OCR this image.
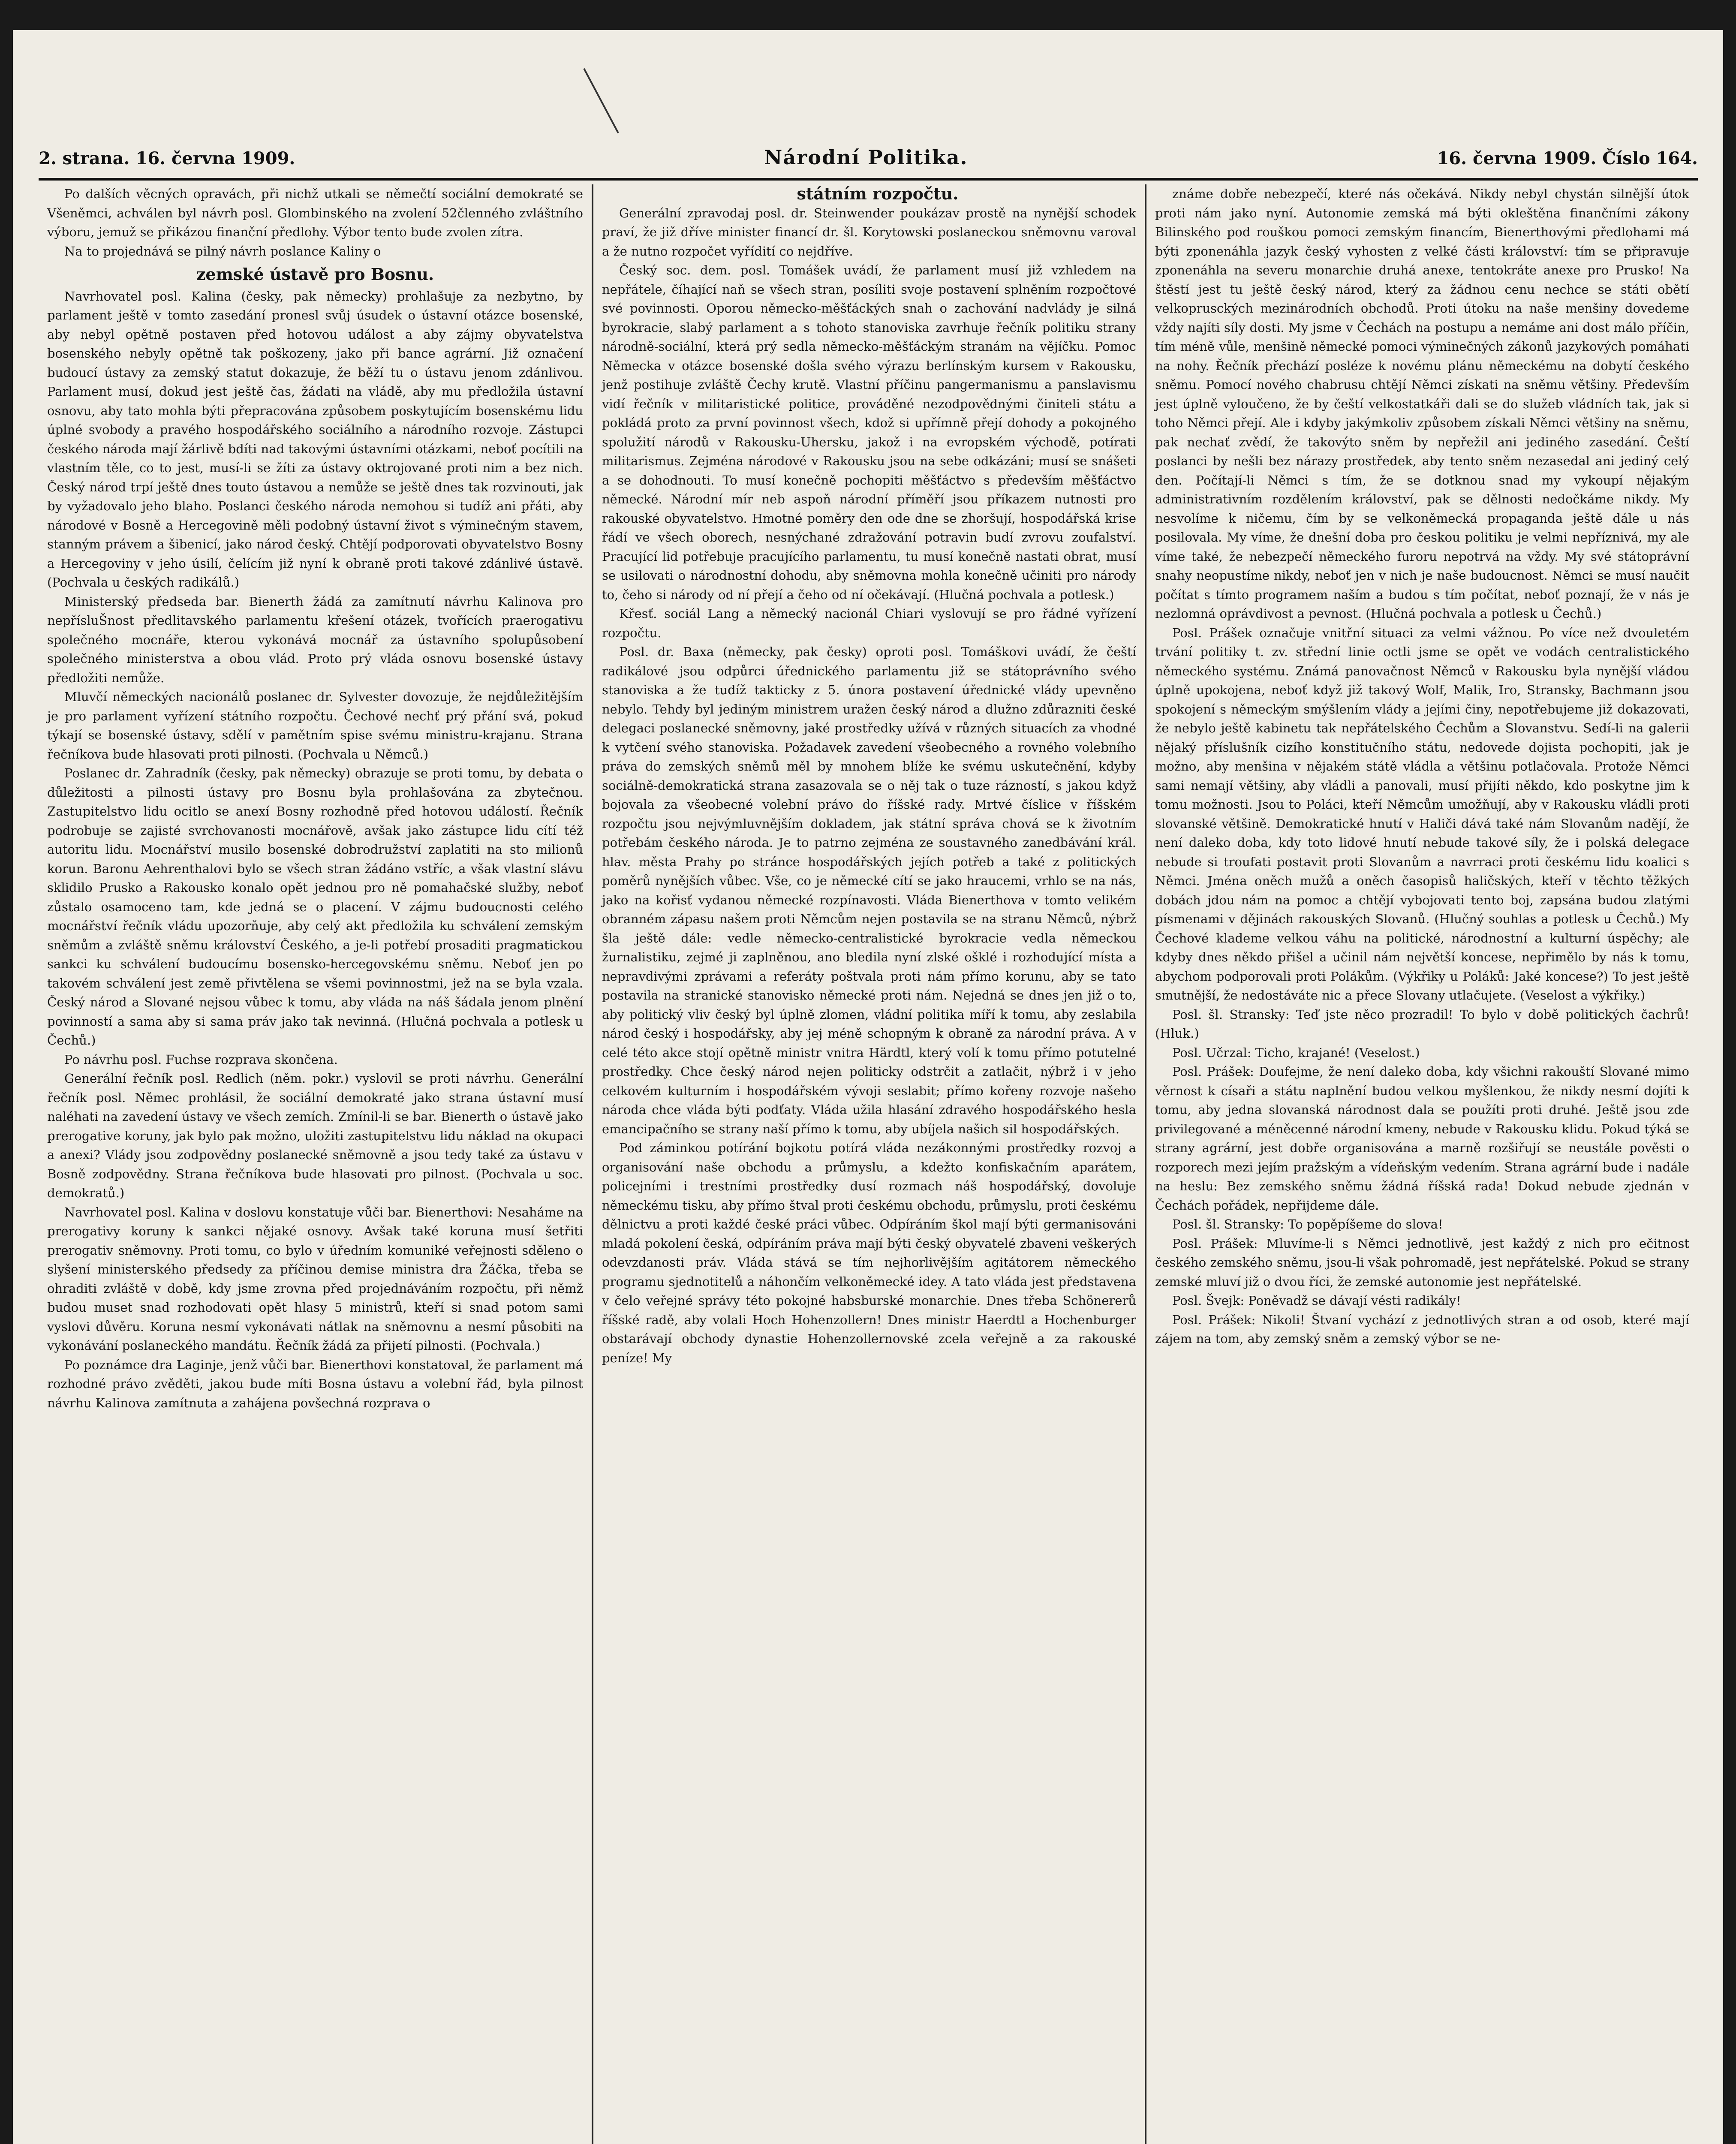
2. strana. 16. června 1909.	Národní Politika.	16. června 1909. Číslo 164.

Po dalších věcných opravách, při nichž utkali se němečtí sociální demokraté se Všeněmci, achválen byl návrh posl. Glombinského na zvolení 52členného zvláštního výboru, jemuž se přikázou finanční předlohy. Výbor tento bude zvolen zítra.

Na to projednává se pilný návrh poslance Kaliny o

zemské ústavě pro Bosnu.

Navrhovatel posl. Kalina (česky, pak německy) prohlašuje za nezbytno, by parlament ještě v tomto zasedání pronesl svůj úsudek o ústavní otázce bosenské, aby nebyl opětně postaven před hotovou událost a aby zájmy obyvatelstva bosenského nebyly opětně tak poškozeny, jako při bance agrární. Již označení budoucí ústavy za zemský statut dokazuje, že běží tu o ústavu jenom zdánlivou. Parlament musí, dokud jest ještě čas, žádati na vládě, aby mu předložila ústavní osnovu, aby tato mohla býti přepracována způsobem poskytujícím bosenskému lidu úplné svobody a pravého hospodářského sociálního a národního rozvoje. Zástupci českého národa mají žárlivě bdíti nad takovými ústavními otázkami, neboť pocítili na vlastním těle, co to jest, musí-li se žíti za ústavy oktrojované proti nim a bez nich. Český národ trpí ještě dnes touto ústavou a nemůže se ještě dnes tak rozvinouti, jak by vyžadovalo jeho blaho. Poslanci českého národa nemohou si tudíž ani přáti, aby národové v Bosně a Hercegovině měli podobný ústavní život s výminečným stavem, stanným právem a šibenicí, jako národ český. Chtějí podporovati obyvatelstvo Bosny a Hercegoviny v jeho úsilí, čelícím již nyní k obraně proti takové zdánlivé ústavě. (Pochvala u českých radikálů.)

Ministerský předseda bar. Bienerth žádá za zamítnutí návrhu Kalinova pro nepřísluŠnost předlitavského parlamentu křešení otázek, tvořících praerogativu společného mocnáře, kterou vykonává mocnář za ústavního spolupůsobení společného ministerstva a obou vlád. Proto prý vláda osnovu bosenské ústavy předložiti nemůže.

Mluvčí německých nacionálů poslanec dr. Sylvester dovozuje, že nejdůležitějším je pro parlament vyřízení státního rozpočtu. Čechové nechť prý přání svá, pokud týkají se bosenské ústavy, sdělí v pamětním spise svému ministru-krajanu. Strana řečníkova bude hlasovati proti pilnosti. (Pochvala u Němců.)

Poslanec dr. Zahradník (česky, pak německy) obrazuje se proti tomu, by debata o důležitosti a pilnosti ústavy pro Bosnu byla prohlašována za zbytečnou. Zastupitelstvo lidu ocitlo se anexí Bosny rozhodně před hotovou událostí. Řečník podrobuje se zajisté svrchovanosti mocnářově, avšak jako zástupce lidu cítí též autoritu lidu. Mocnářství musilo bosenské dobrodružství zaplatiti na sto milionů korun. Baronu Aehrenthalovi bylo se všech stran žádáno vstříc, a však vlastní slávu sklidilo Prusko a Rakousko konalo opět jednou pro ně pomahačské služby, neboť zůstalo osamoceno tam, kde jedná se o placení. V zájmu budoucnosti celého mocnářství řečník vládu upozorňuje, aby celý akt předložila ku schválení zemským sněmům a zvláště sněmu království Českého, a je-li potřebí prosaditi pragmatickou sankci ku schválení budoucímu bosensko-hercegovskému sněmu. Neboť jen po takovém schválení jest země přivtělena se všemi povinnostmi, jež na se byla vzala. Český národ a Slované nejsou vůbec k tomu, aby vláda na náš šádala jenom plnění povinností a sama aby si sama práv jako tak nevinná. (Hlučná pochvala a potlesk u Čechů.)

Po návrhu posl. Fuchse rozprava skončena.

Generální řečník posl. Redlich (něm. pokr.) vyslovil se proti návrhu. Generální řečník posl. Němec prohlásil, že sociální demokraté jako strana ústavní musí naléhati na zavedení ústavy ve všech zemích. Zmínil-li se bar. Bienerth o ústavě jako prerogative koruny, jak bylo pak možno, uložiti zastupitelstvu lidu náklad na okupaci a anexi? Vlády jsou zodpovědny poslanecké sněmovně a jsou tedy také za ústavu v Bosně zodpovědny. Strana řečníkova bude hlasovati pro pilnost. (Pochvala u soc. demokratů.)

Navrhovatel posl. Kalina v doslovu konstatuje vůči bar. Bienerthovi: Nesaháme na prerogativy koruny k sankci nějaké osnovy. Avšak také koruna musí šetřiti prerogativ sněmovny. Proti tomu, co bylo v úředním komuniké veřejnosti sděleno o slyšení ministerského předsedy za příčinou demise ministra dra Žáčka, třeba se ohraditi zvláště v době, kdy jsme zrovna před projednáváním rozpočtu, při němž budou muset snad rozhodovati opět hlasy 5 ministrů, kteří si snad potom sami vyslovi důvěru. Koruna nesmí vykonávati nátlak na sněmovnu a nesmí působiti na vykonávání poslaneckého mandátu. Řečník žádá za přijetí pilnosti. (Pochvala.)

Po poznámce dra Laginje, jenž vůči bar. Bienerthovi konstatoval, že parlament má rozhodné právo zvěděti, jakou bude míti Bosna ústavu a volební řád, byla pilnost návrhu Kalinova zamítnuta a zahájena povšechná rozprava o

státním rozpočtu.

Generální zpravodaj posl. dr. Steinwender poukázav prostě na nynější schodek praví, že již dříve minister financí dr. šl. Korytowski poslaneckou sněmovnu varoval a že nutno rozpočet vyřídití co nejdříve.

Český soc. dem. posl. Tomášek uvádí, že parlament musí již vzhledem na nepřátele, číhající naň se všech stran, posíliti svoje postavení splněním rozpočtové své povinnosti. Oporou německo-měšťáckých snah o zachování nadvlády je silná byrokracie, slabý parlament a s tohoto stanoviska zavrhuje řečník politiku strany národně-sociální, která prý sedla německo-měšťáckým stranám na vějíčku. Pomoc Německa v otázce bosenské došla svého výrazu berlínským kursem v Rakousku, jenž postihuje zvláště Čechy krutě. Vlastní příčinu pangermanismu a panslavismu vidí řečník v militaristické politice, prováděné nezodpovědnými činiteli státu a pokládá proto za první povinnost všech, kdož si upřímně přejí dohody a pokojného spolužití národů v Rakousku-Uhersku, jakož i na evropském východě, potírati militarismus. Zejména národové v Rakousku jsou na sebe odkázáni; musí se snášeti a se dohodnouti. To musí konečně pochopiti měšťáctvo s především měšťáctvo německé. Národní mír neb aspoň národní příměří jsou příkazem nutnosti pro rakouské obyvatelstvo. Hmotné poměry den ode dne se zhoršují, hospodářská krise řádí ve všech oborech, nesnýchané zdražování potravin budí zvrovu zoufalství. Pracující lid potřebuje pracujícího parlamentu, tu musí konečně nastati obrat, musí se usilovati o národnostní dohodu, aby sněmovna mohla konečně učiniti pro národy to, čeho si národy od ní přejí a čeho od ní očekávají. (Hlučná pochvala a potlesk.)

Křesť. sociál Lang a německý nacionál Chiari vyslovují se pro řádné vyřízení rozpočtu.

Posl. dr. Baxa (německy, pak česky) oproti posl. Tomáškovi uvádí, že čeští radikálové jsou odpůrci úřednického parlamentu již se státoprávního svého stanoviska a že tudíž takticky z 5. února postavení úřednické vlády upevněno nebylo. Tehdy byl jediným ministrem uražen český národ a dlužno zdůrazniti české delegaci poslanecké sněmovny, jaké prostředky užívá v různých situacích za vhodné k vytčení svého stanoviska. Požadavek zavedení všeobecného a rovného volebního práva do zemských sněmů měl by mnohem blíže ke svému uskutečnění, kdyby sociálně-demokratická strana zasazovala se o něj tak o tuze rázností, s jakou když bojovala za všeobecné volební právo do říšské rady. Mrtvé číslice v říšském rozpočtu jsou nejvýmluvnějším dokladem, jak státní správa chová se k životním potřebám českého národa. Je to patrno zejména ze soustavného zanedbávání král. hlav. města Prahy po stránce hospodářských jejích potřeb a také z politických poměrů nynějších vůbec. Vše, co je německé cítí se jako hraucemi, vrhlo se na nás, jako na kořisť vydanou německé rozpínavosti. Vláda Bienerthova v tomto velikém obranném zápasu našem proti Němcům nejen postavila se na stranu Němců, nýbrž šla ještě dále: vedle německo-centralistické byrokracie vedla německou žurnalistiku, zejmé ji zaplněnou, ano bledila nyní zlské ošklé i rozhodující místa a nepravdivými zprávami a referáty poštvala proti nám přímo korunu, aby se tato postavila na stranické stanovisko německé proti nám. Nejedná se dnes jen již o to, aby politický vliv český byl úplně zlomen, vládní politika míří k tomu, aby zeslabila národ český i hospodářsky, aby jej méně schopným k obraně za národní práva. A v celé této akce stojí opětně ministr vnitra Härdtl, který volí k tomu přímo potutelné prostředky. Chce český národ nejen politicky odstrčit a zatlačit, nýbrž i v jeho celkovém kulturním i hospodářském vývoji seslabit; přímo kořeny rozvoje našeho národa chce vláda býti podťaty. Vláda užila hlasání zdravého hospodářského hesla emancipačního se strany naší přímo k tomu, aby ubíjela našich sil hospodářských.

Pod záminkou potírání bojkotu potírá vláda nezákonnými prostředky rozvoj a organisování naše obchodu a průmyslu, a kdežto konfiskačním aparátem, policejními i trestními prostředky dusí rozmach náš hospodářský, dovoluje německému tisku, aby přímo štval proti českému obchodu, průmyslu, proti českému dělnictvu a proti každé české práci vůbec. Odpíráním škol mají býti germanisováni mladá pokolení česká, odpíráním práva mají býti český obyvatelé zbaveni veškerých odevzdanosti práv. Vláda stává se tím nejhorlivějším agitátorem německého programu sjednotitelů a náhončím velkoněmecké idey. A tato vláda jest představena v čelo veřejné správy této pokojné habsburské monarchie. Dnes třeba Schönererů říšské radě, aby volali Hoch Hohenzollern! Dnes ministr Haerdtl a Hochenburger obstarávají obchody dynastie Hohenzollernovské zcela veřejně a za rakouské peníze! My

známe dobře nebezpečí, které nás očekává. Nikdy nebyl chystán silnější útok proti nám jako nyní. Autonomie zemská má býti okleštěna finančními zákony Bilinského pod rouškou pomoci zemským financím, Bienerthovými předlohami má býti zponenáhla jazyk český vyhosten z velké části království: tím se připravuje zponenáhla na severu monarchie druhá anexe, tentokráte anexe pro Prusko! Na štěstí jest tu ještě český národ, který za žádnou cenu nechce se státi obětí velkoprusckých mezinárodních obchodů. Proti útoku na naše menšiny dovedeme vždy najíti síly dosti. My jsme v Čechách na postupu a nemáme ani dost málo příčin, tím méně vůle, menšině německé pomoci výminečných zákonů jazykových pomáhati na nohy. Řečník přechází posléze k novému plánu německému na dobytí českého sněmu. Pomocí nového chabrusu chtějí Němci získati na sněmu většiny. Především jest úplně vyloučeno, že by čeští velkostatkáři dali se do služeb vládních tak, jak si toho Němci přejí. Ale i kdyby jakýmkoliv způsobem získali Němci většiny na sněmu, pak nechať zvědí, že takovýto sněm by nepřežil ani jediného zasedání. Čeští poslanci by nešli bez nárazy prostředek, aby tento sněm nezasedal ani jediný celý den. Počítají-li Němci s tím, že se dotknou snad my vykoupí nějakým administrativním rozdělením království, pak se dělnosti nedočkáme nikdy. My nesvolíme k ničemu, čím by se velkoněmecká propaganda ještě dále u nás posilovala. My víme, že dnešní doba pro českou politiku je velmi nepříznivá, my ale víme také, že nebezpečí německého furoru nepotrvá na vždy. My své státoprávní snahy neopustíme nikdy, neboť jen v nich je naše budoucnost. Němci se musí naučit počítat s tímto programem naším a budou s tím počítat, neboť poznají, že v nás je nezlomná oprávdivost a pevnost. (Hlučná pochvala a potlesk u Čechů.)

Posl. Prášek označuje vnitřní situaci za velmi vážnou. Po více než dvouletém trvání politiky t. zv. střední linie octli jsme se opět ve vodách centralistického německého systému. Známá panovačnost Němců v Rakousku byla nynější vládou úplně upokojena, neboť když již takový Wolf, Malik, Iro, Stransky, Bachmann jsou spokojení s německým smýšlením vlády a jejími činy, nepotřebujeme již dokazovati, že nebylo ještě kabinetu tak nepřátelského Čechům a Slovanstvu. Sedí-li na galerii nějaký příslušník cizího konstitučního státu, nedovede dojista pochopiti, jak je možno, aby menšina v nějakém státě vládla a většinu potlačovala. Protože Němci sami nemají většiny, aby vládli a panovali, musí přijíti někdo, kdo poskytne jim k tomu možnosti. Jsou to Poláci, kteří Němcům umožňují, aby v Rakousku vládli proti slovanské většině. Demokratické hnutí v Haliči dává také nám Slovanům nadějí, že není daleko doba, kdy toto lidové hnutí nebude takové síly, že i polská delegace nebude si troufati postavit proti Slovanům a navrraci proti českému lidu koalici s Němci. Jména oněch mužů a oněch časopisů haličských, kteří v těchto těžkých dobách jdou nám na pomoc a chtějí vybojovati tento boj, zapsána budou zlatými písmenami v dějinách rakouských Slovanů. (Hlučný souhlas a potlesk u Čechů.) My Čechové klademe velkou váhu na politické, národnostní a kulturní úspěchy; ale kdyby dnes někdo přišel a učinil nám největší koncese, nepřimělo by nás k tomu, abychom podporovali proti Polákům. (Výkřiky u Poláků: Jaké koncese?) To jest ještě smutnější, že nedostáváte nic a přece Slovany utlačujete. (Veselost a výkřiky.)

Posl. šl. Stransky: Teď jste něco prozradil! To bylo v době politických čachrů! (Hluk.)

Posl. Učrzal: Ticho, krajané! (Veselost.)

Posl. Prášek: Doufejme, že není daleko doba, kdy všichni rakouští Slované mimo věrnost k císaři a státu naplnění budou velkou myšlenkou, že nikdy nesmí dojíti k tomu, aby jedna slovanská národnost dala se použíti proti druhé. Ještě jsou zde privilegované a méněcenné národní kmeny, nebude v Rakousku klidu. Pokud týká se strany agrární, jest dobře organisována a marně rozšiřují se neustále pověsti o rozporech mezi jejím pražským a vídeňským vedením. Strana agrární bude i nadále na heslu: Bez zemského sněmu žádná říšská rada! Dokud nebude zjednán v Čechách pořádek, nepřijdeme dále.

Posl. šl. Stransky: To popěpíšeme do slova!

Posl. Prášek: Mluvíme-li s Němci jednotlivě, jest každý z nich pro ečitnost českého zemského sněmu, jsou-li však pohromadě, jest nepřátelské. Pokud se strany zemské mluví již o dvou říci, že zemské autonomie jest nepřátelské.

Posl. Švejk: Poněvadž se dávají vésti radikály!

Posl. Prášek: Nikoli! Štvaní vychází z jednotlivých stran a od osob, které mají zájem na tom, aby zemský sněm a zemský výbor se ne-
